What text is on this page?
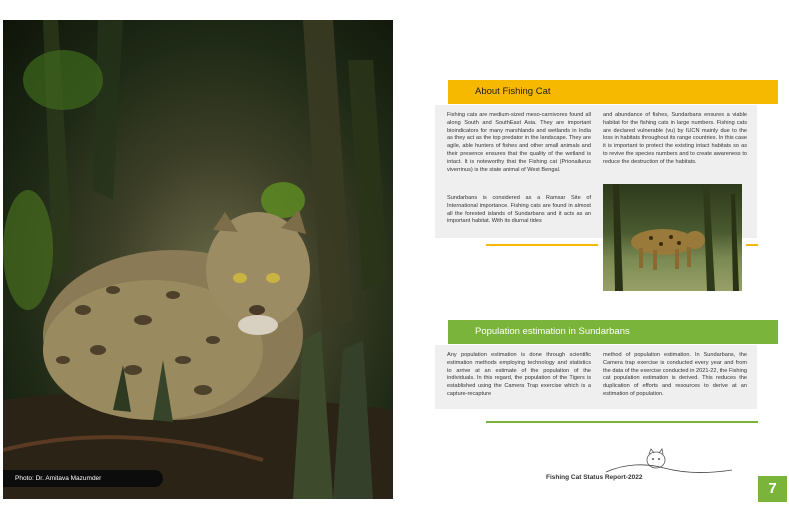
Photo: Dr. Amitava Mazumder
About Fishing Cat

Fishing cats are medium-sized meso-carnivores found all along South and SouthEast Asia. They are important bioindicators for many marshlands and wetlands in India as they act as the top predator in the landscape. They are agile, able hunters of fishes and other small animals and their presence ensures that the quality of the wetland is intact. It is noteworthy that the Fishing cat (Prionailurus viverrinus) is the state animal of West Bengal.

Sundarbans is considered as a Ramsar Site of International importance. Fishing cats are found in almost all the forested islands of Sundarbans and it acts as an important habitat. With its diurnal tides

and abundance of fishes, Sundarbans ensures a viable habitat for the fishing cats in large numbers. Fishing cats are declared vulnerable (vu) by IUCN mainly due to the loss in habitats throughout its range countries. In this case it is important to protect the existing intact habitats so as to revive the species numbers and to create awareness to reduce the destruction of the habitats.

Population estimation in Sundarbans

Any population estimation is done through scientific estimation methods employing technology and statistics to arrive at an estimate of the population of the individuals. In this regard, the population of the Tigers is established using the Camera Trap exercise which is a capture-recapture

method of population estimation. In Sundarbans, the Camera trap exercise is conducted every year and from the data of the exercise conducted in 2021-22, the Fishing cat population estimation is derived. This reduces the duplication of efforts and resources to derive at an estimation of population.

Fishing Cat Status Report-2022
7
